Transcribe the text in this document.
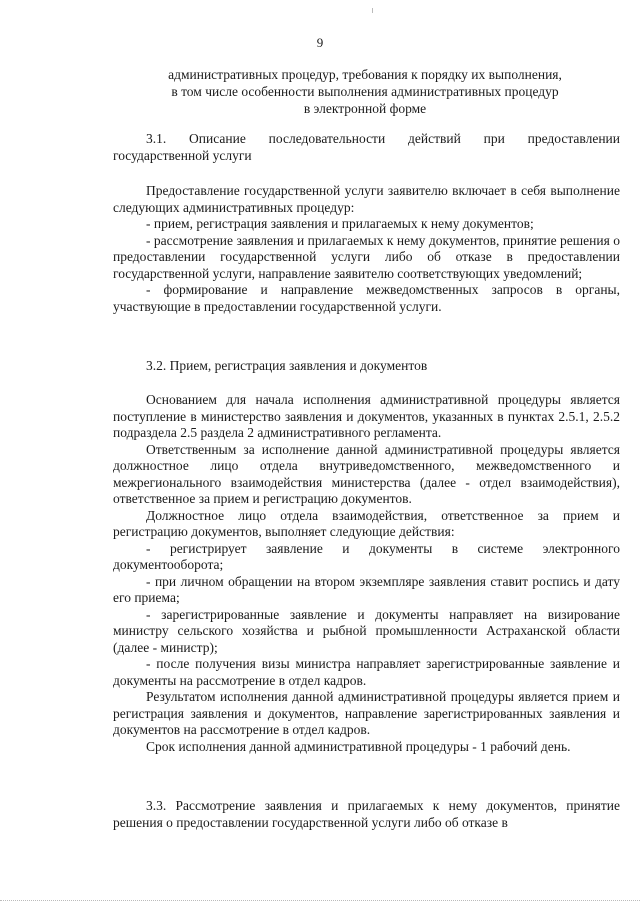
9
административных процедур, требования к порядку их выполнения,
в том числе особенности выполнения административных процедур
в электронной форме

3.1. Описание последовательности действий при предоставлении государственной услуги

Предоставление государственной услуги заявителю включает в себя выполнение следующих административных процедур:

- прием, регистрация заявления и прилагаемых к нему документов;

- рассмотрение заявления и прилагаемых к нему документов, принятие решения о предоставлении государственной услуги либо об отказе в предоставлении государственной услуги, направление заявителю соответствующих уведомлений;

- формирование и направление межведомственных запросов в органы, участвующие в предоставлении государственной услуги.

3.2. Прием, регистрация заявления и документов

Основанием для начала исполнения административной процедуры является поступление в министерство заявления и документов, указанных в пунктах 2.5.1, 2.5.2 подраздела 2.5 раздела 2 административного регламента.

Ответственным за исполнение данной административной процедуры является должностное лицо отдела внутриведомственного, межведомственного и межрегионального взаимодействия министерства (далее - отдел взаимодействия), ответственное за прием и регистрацию документов.

Должностное лицо отдела взаимодействия, ответственное за прием и регистрацию документов, выполняет следующие действия:

- регистрирует заявление и документы в системе электронного документооборота;

- при личном обращении на втором экземпляре заявления ставит роспись и дату его приема;

- зарегистрированные заявление и документы направляет на визирование министру сельского хозяйства и рыбной промышленности Астраханской области (далее - министр);

- после получения визы министра направляет зарегистрированные заявление и документы на рассмотрение в отдел кадров.

Результатом исполнения данной административной процедуры является прием и регистрация заявления и документов, направление зарегистрированных заявления и документов на рассмотрение в отдел кадров.

Срок исполнения данной административной процедуры - 1 рабочий день.

3.3. Рассмотрение заявления и прилагаемых к нему документов, принятие решения о предоставлении государственной услуги либо об отказе в
